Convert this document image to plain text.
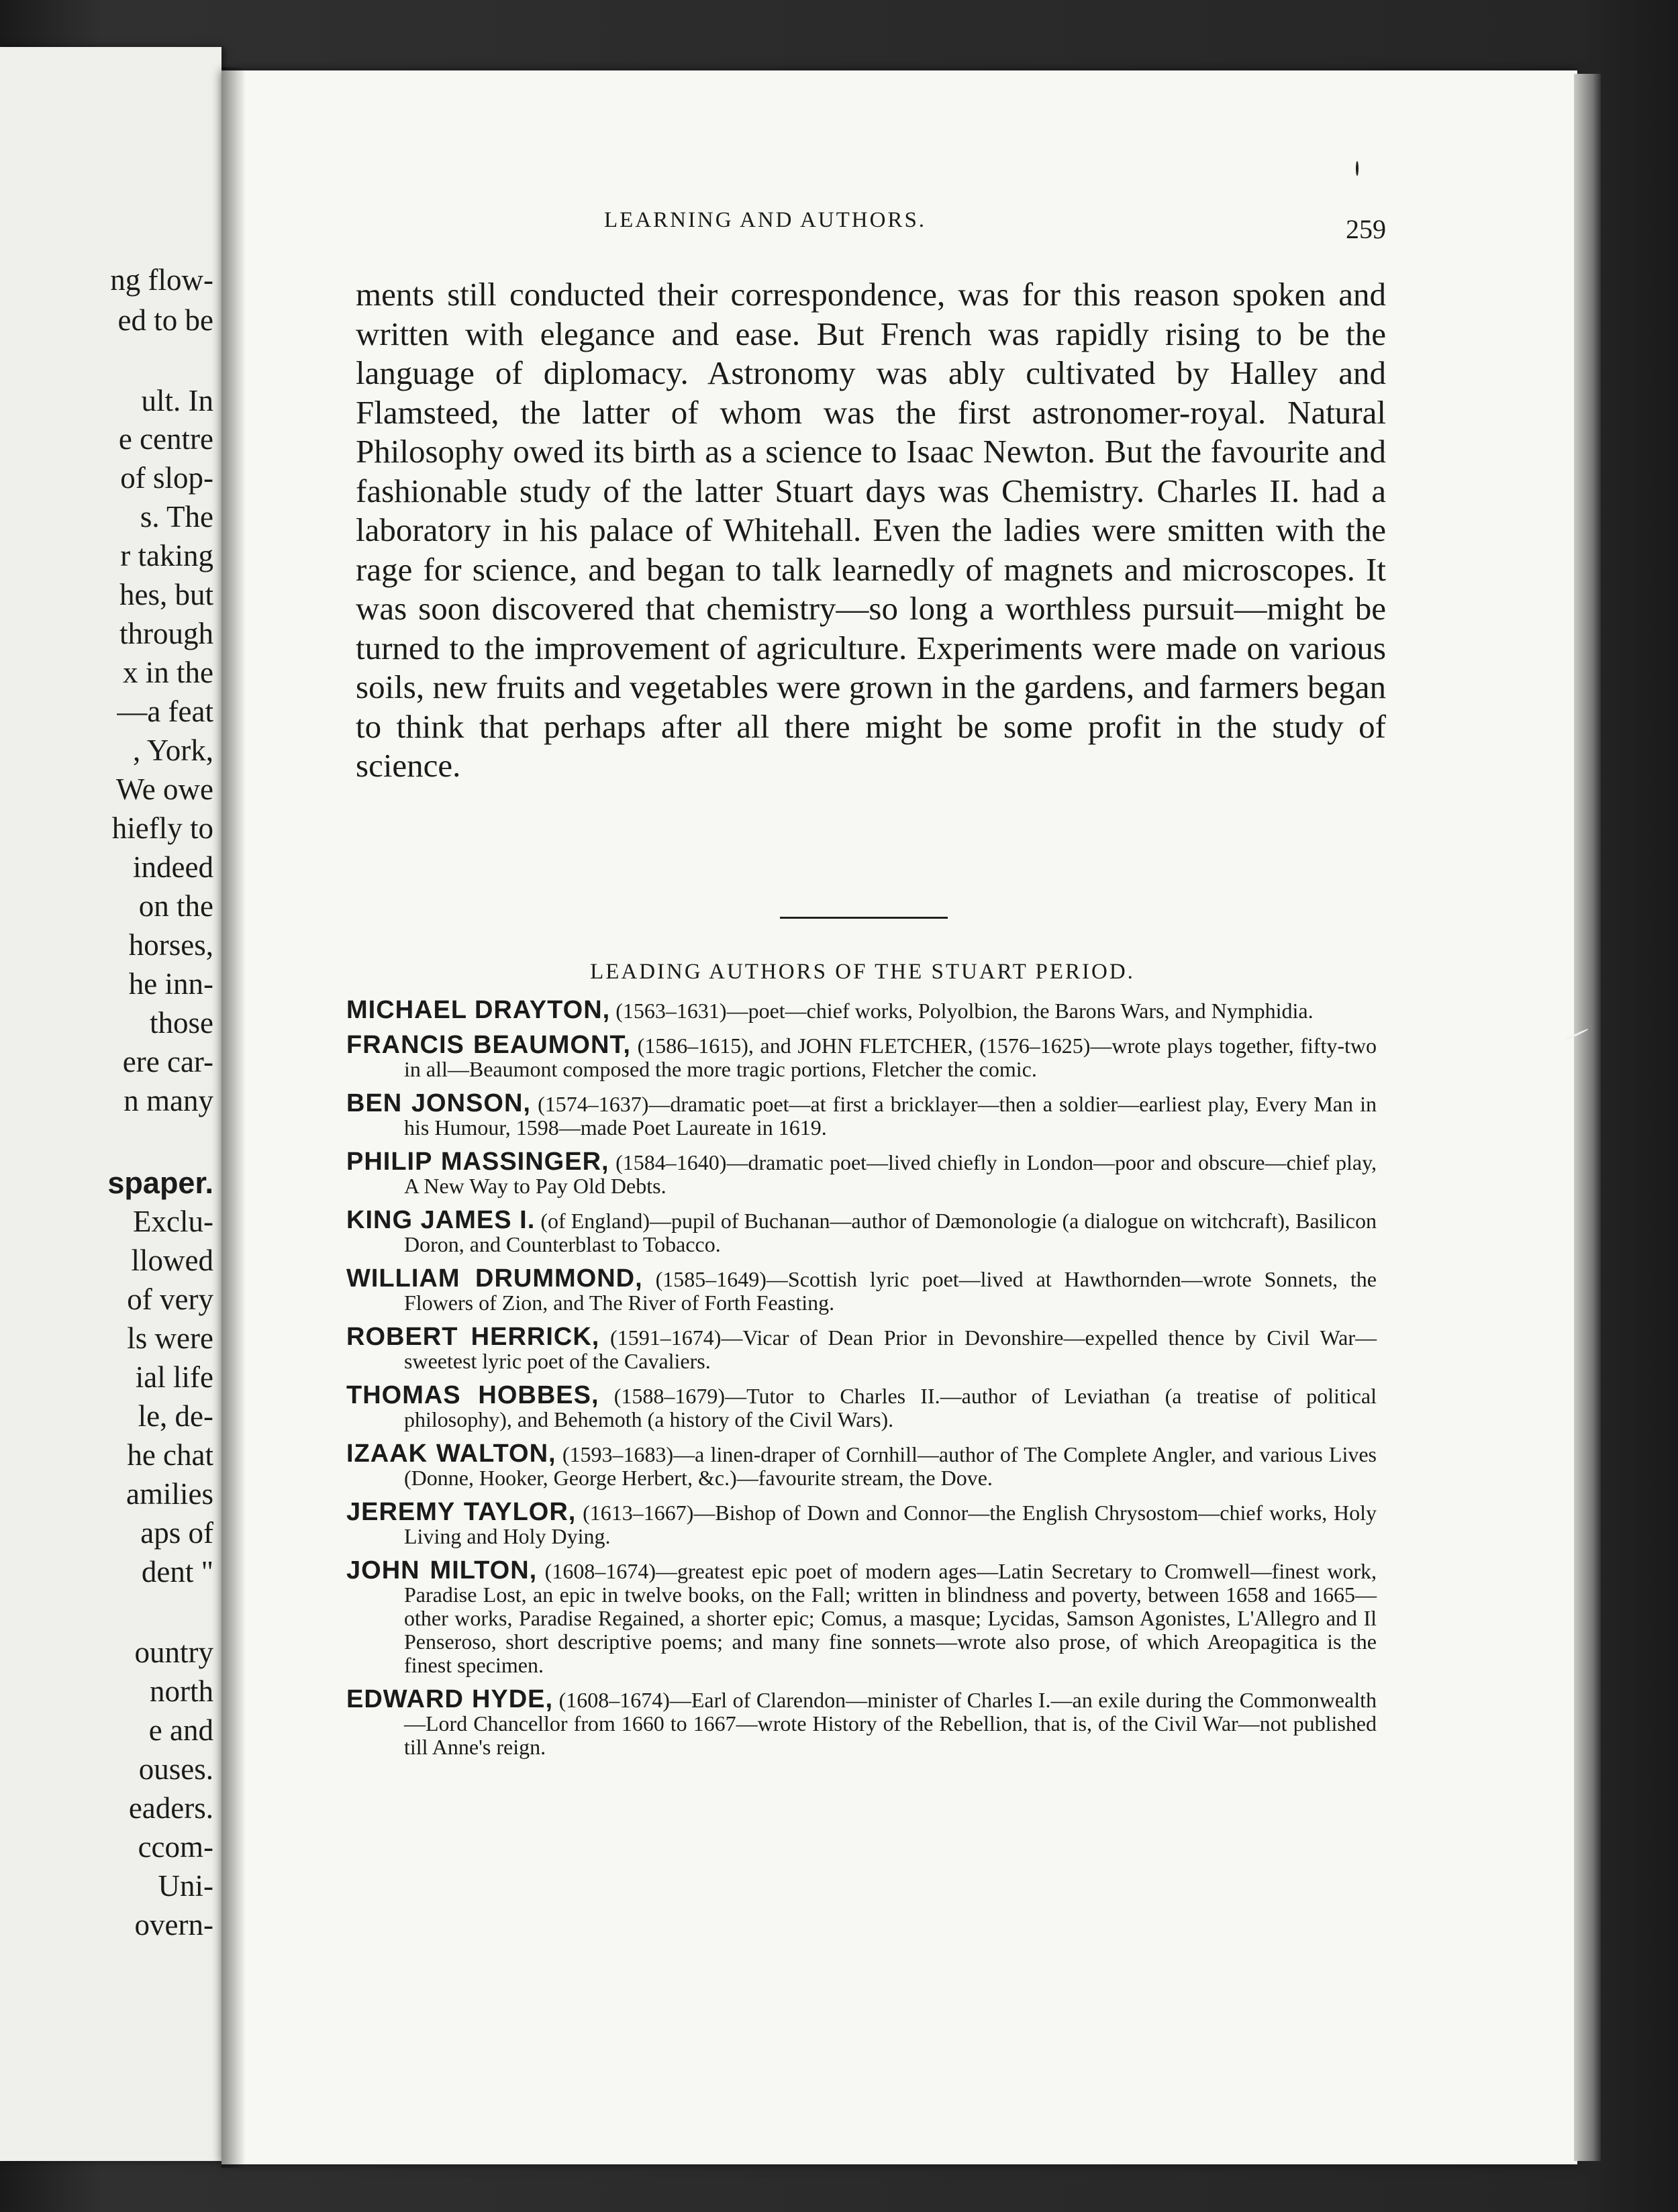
ng flow-
ed to be
ult. In
e centre
of slop-
s. The
r taking
hes, but
through
x in the
—a feat
, York,
We owe
hiefly to
indeed
on the
horses,
he inn-
those
ere car-
n many
spaper.
Exclu-
llowed
of very
ls were
ial life
le, de-
he chat
amilies
aps of
dent "
ountry
north
e and
ouses.
eaders.
ccom-
Uni-
overn-
LEARNING AND AUTHORS.	259

ments still conducted their correspondence, was for this reason spoken and written with elegance and ease. But French was rapidly rising to be the language of diplomacy. Astronomy was ably cultivated by Halley and Flamsteed, the latter of whom was the first astronomer-royal. Natural Philosophy owed its birth as a science to Isaac Newton. But the favourite and fashionable study of the latter Stuart days was Chemistry. Charles II. had a laboratory in his palace of Whitehall. Even the ladies were smitten with the rage for science, and began to talk learnedly of magnets and microscopes. It was soon discovered that chemistry—so long a worthless pursuit—might be turned to the improvement of agriculture. Experiments were made on various soils, new fruits and vegetables were grown in the gardens, and farmers began to think that perhaps after all there might be some profit in the study of science.

LEADING AUTHORS OF THE STUART PERIOD.

MICHAEL DRAYTON, (1563–1631)—poet—chief works, Polyolbion, the Barons Wars, and Nymphidia.

FRANCIS BEAUMONT, (1586–1615), and JOHN FLETCHER, (1576–1625)—wrote plays together, fifty-two in all—Beaumont composed the more tragic portions, Fletcher the comic.

BEN JONSON, (1574–1637)—dramatic poet—at first a bricklayer—then a soldier—earliest play, Every Man in his Humour, 1598—made Poet Laureate in 1619.

PHILIP MASSINGER, (1584–1640)—dramatic poet—lived chiefly in London—poor and obscure—chief play, A New Way to Pay Old Debts.

KING JAMES I. (of England)—pupil of Buchanan—author of Dæmonologie (a dialogue on witchcraft), Basilicon Doron, and Counterblast to Tobacco.

WILLIAM DRUMMOND, (1585–1649)—Scottish lyric poet—lived at Hawthornden—wrote Sonnets, the Flowers of Zion, and The River of Forth Feasting.

ROBERT HERRICK, (1591–1674)—Vicar of Dean Prior in Devonshire—expelled thence by Civil War—sweetest lyric poet of the Cavaliers.

THOMAS HOBBES, (1588–1679)—Tutor to Charles II.—author of Leviathan (a treatise of political philosophy), and Behemoth (a history of the Civil Wars).

IZAAK WALTON, (1593–1683)—a linen-draper of Cornhill—author of The Complete Angler, and various Lives (Donne, Hooker, George Herbert, &c.)—favourite stream, the Dove.

JEREMY TAYLOR, (1613–1667)—Bishop of Down and Connor—the English Chrysostom—chief works, Holy Living and Holy Dying.

JOHN MILTON, (1608–1674)—greatest epic poet of modern ages—Latin Secretary to Cromwell—finest work, Paradise Lost, an epic in twelve books, on the Fall; written in blindness and poverty, between 1658 and 1665—other works, Paradise Regained, a shorter epic; Comus, a masque; Lycidas, Samson Agonistes, L'Allegro and Il Penseroso, short descriptive poems; and many fine sonnets—wrote also prose, of which Areopagitica is the finest specimen.

EDWARD HYDE, (1608–1674)—Earl of Clarendon—minister of Charles I.—an exile during the Commonwealth—Lord Chancellor from 1660 to 1667—wrote History of the Rebellion, that is, of the Civil War—not published till Anne's reign.
